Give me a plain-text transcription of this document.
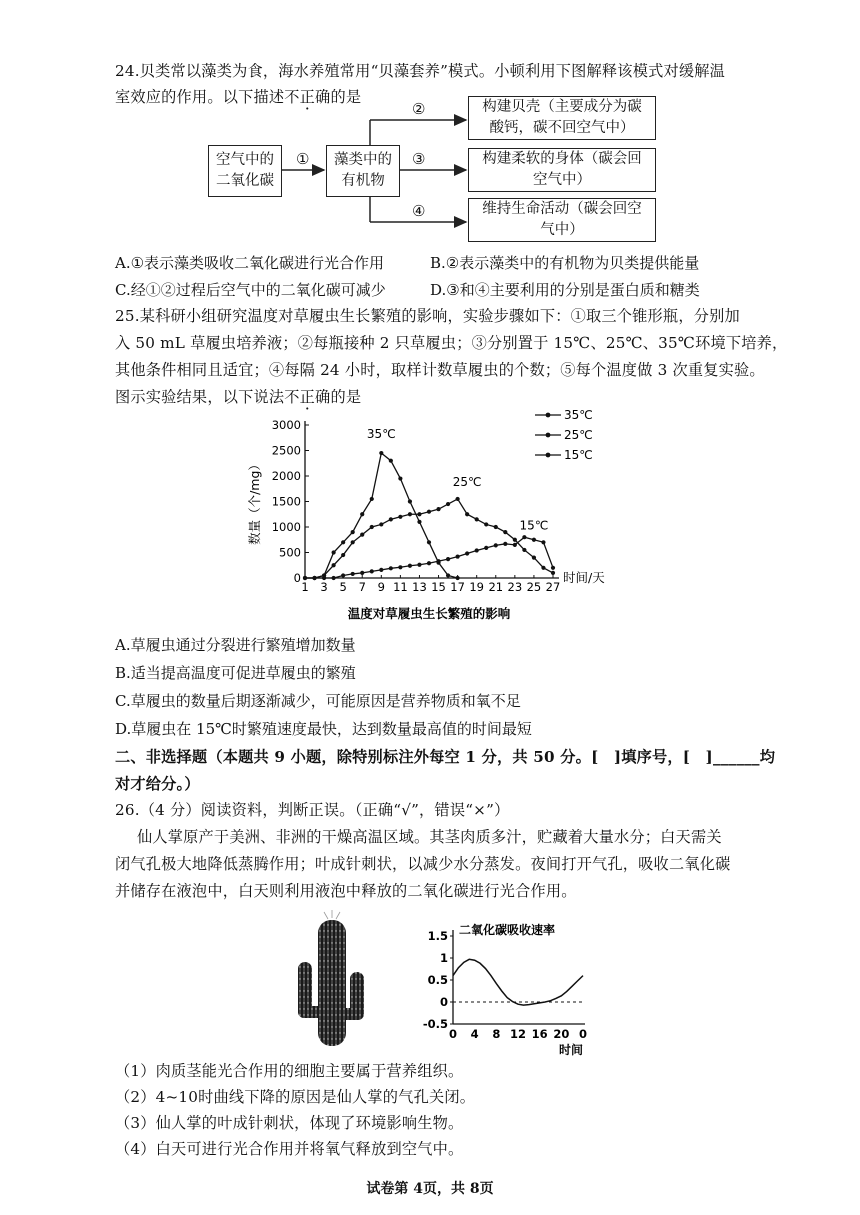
24.贝类常以藻类为食，海水养殖常用“贝藻套养”模式。小顿利用下图解释该模式对缓解温
室效应的作用。以下描述不正确的是
空气中的
二氧化碳
藻类中的
有机物
构建贝壳（主要成分为碳
酸钙，碳不回空气中）
构建柔软的身体（碳会回
空气中）
维持生命活动（碳会回空
气中）
①
②
③
④
A.①表示藻类吸收二氧化碳进行光合作用	B.②表示藻类中的有机物为贝类提供能量
C.经①②过程后空气中的二氧化碳可减少	D.③和④主要利用的分别是蛋白质和糖类
25.某科研小组研究温度对草履虫生长繁殖的影响，实验步骤如下：①取三个锥形瓶，分别加
入 50 mL 草履虫培养液；②每瓶接种 2 只草履虫；③分别置于 15℃、25℃、35℃环境下培养，
其他条件相同且适宜；④每隔 24 小时，取样计数草履虫的个数；⑤每个温度做 3 次重复实验。
图示实验结果，以下说法不正确的是
0
500
1000
1500
2000
2500
3000
1 3 5 7 9 11 13 15 17 19 21 23 25 27
时间/天
数量（个/mg）
温度对草履虫生长繁殖的影响
35℃
35℃
25℃
25℃
15℃
15℃
A.草履虫通过分裂进行繁殖增加数量
B.适当提高温度可促进草履虫的繁殖
C.草履虫的数量后期逐渐减少，可能原因是营养物质和氧不足
D.草履虫在 15℃时繁殖速度最快，达到数量最高值的时间最短
二、非选择题（本题共 9 小题，除特别标注外每空 1 分，共 50 分。[　]填序号，[　]______均
对才给分。）
26.（4 分）阅读资料，判断正误。（正确“√”，错误“×”）
仙人掌原产于美洲、非洲的干燥高温区域。其茎肉质多汁，贮藏着大量水分；白天需关
闭气孔极大地降低蒸腾作用；叶成针刺状，以减少水分蒸发。夜间打开气孔，吸收二氧化碳
并储存在液泡中，白天则利用液泡中释放的二氧化碳进行光合作用。
-0.5
0
0.5
1
1.5
0 4 8 12 16 20 0
时间
二氧化碳吸收速率
（1）肉质茎能光合作用的细胞主要属于营养组织。
（2）4~10时曲线下降的原因是仙人掌的气孔关闭。
（3）仙人掌的叶成针刺状，体现了环境影响生物。
（4）白天可进行光合作用并将氧气释放到空气中。
试卷第 4页，共 8页
